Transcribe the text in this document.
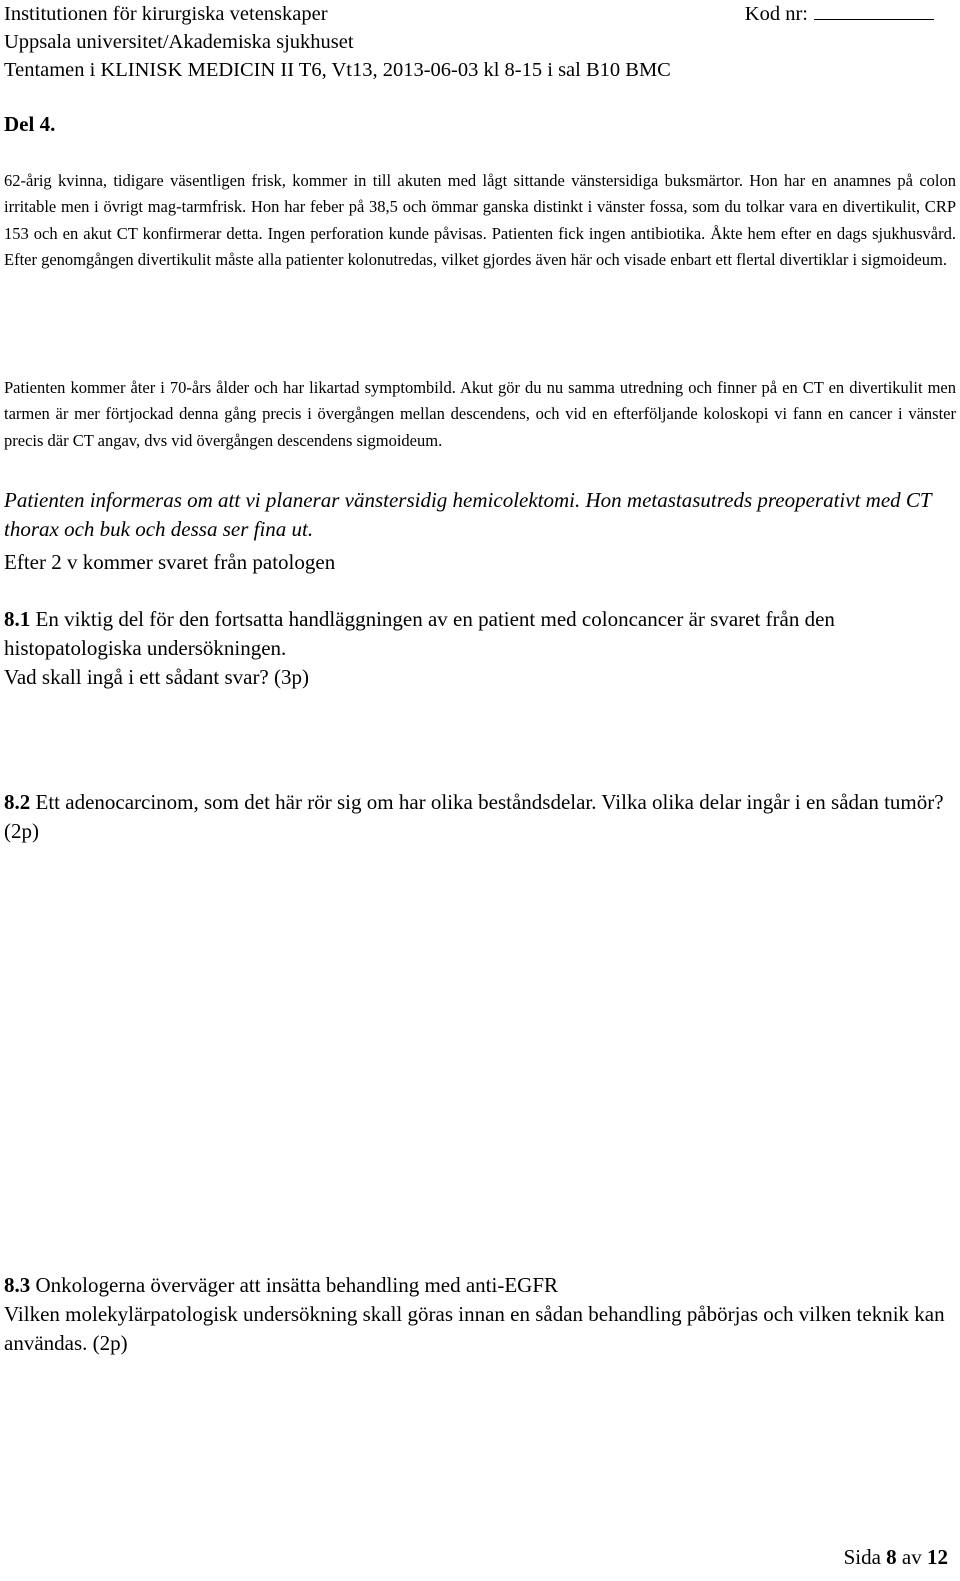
Institutionen för kirurgiska vetenskaper
Uppsala universitet/Akademiska sjukhuset
Tentamen i KLINISK MEDICIN II T6, Vt13, 2013-06-03 kl 8-15 i sal B10 BMC
Kod nr:
Del 4.
62-årig kvinna, tidigare väsentligen frisk, kommer in till akuten med lågt sittande vänstersidiga buksmärtor. Hon har en anamnes på colon irritable men i övrigt mag-tarmfrisk. Hon har feber på 38,5 och ömmar ganska distinkt i vänster fossa, som du tolkar vara en divertikulit, CRP 153 och en akut CT konfirmerar detta. Ingen perforation kunde påvisas. Patienten fick ingen antibiotika. Åkte hem efter en dags sjukhusvård. Efter genomgången divertikulit måste alla patienter kolonutredas, vilket gjordes även här och visade enbart ett flertal divertiklar i sigmoideum.
Patienten kommer åter i 70-års ålder och har likartad symptombild. Akut gör du nu samma utredning och finner på en CT en divertikulit men tarmen är mer förtjockad denna gång precis i övergången mellan descendens, och vid en efterföljande koloskopi vi fann en cancer i vänster precis där CT angav, dvs vid övergången descendens sigmoideum.
Patienten informeras om att vi planerar vänstersidig hemicolektomi. Hon metastasutreds preoperativt med CT thorax och buk och dessa ser fina ut.
Efter 2 v kommer svaret från patologen
8.1 En viktig del för den fortsatta handläggningen av en patient med coloncancer är svaret från den histopatologiska undersökningen.
Vad skall ingå i ett sådant svar? (3p)
8.2 Ett adenocarcinom, som det här rör sig om har olika beståndsdelar. Vilka olika delar ingår i en sådan tumör? (2p)
8.3 Onkologerna överväger att insätta behandling med anti-EGFR
Vilken molekylärpatologisk undersökning skall göras innan en sådan behandling påbörjas och vilken teknik kan användas. (2p)
Sida 8 av 12
